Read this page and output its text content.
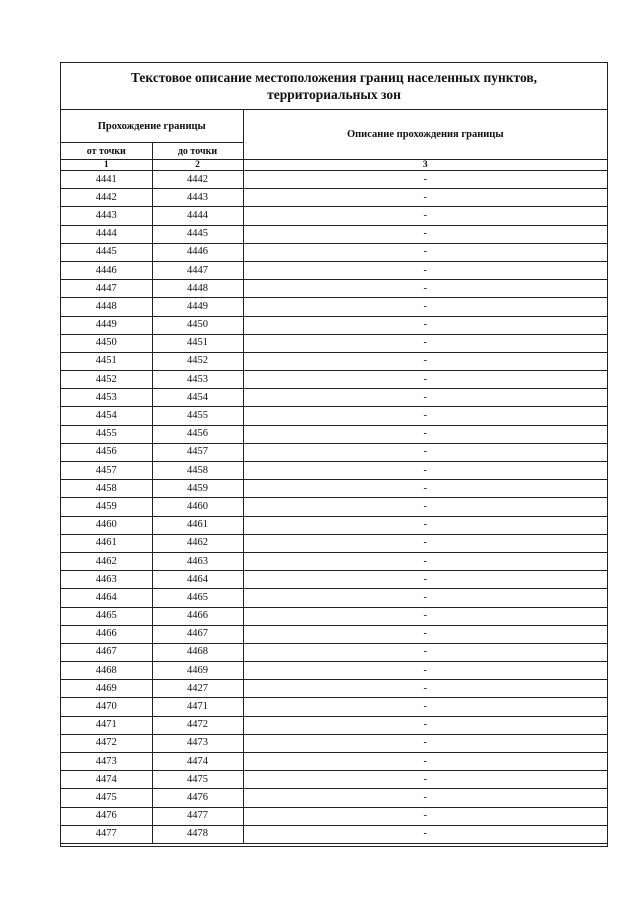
Текстовое описание местоположения границ населенных пунктов,
территориальных зон
Прохождение границы		Описание прохождения границы
от точки	до точки	
1	2	3
4441	4442	-
4442	4443	-
4443	4444	-
4444	4445	-
4445	4446	-
4446	4447	-
4447	4448	-
4448	4449	-
4449	4450	-
4450	4451	-
4451	4452	-
4452	4453	-
4453	4454	-
4454	4455	-
4455	4456	-
4456	4457	-
4457	4458	-
4458	4459	-
4459	4460	-
4460	4461	-
4461	4462	-
4462	4463	-
4463	4464	-
4464	4465	-
4465	4466	-
4466	4467	-
4467	4468	-
4468	4469	-
4469	4427	-
4470	4471	-
4471	4472	-
4472	4473	-
4473	4474	-
4474	4475	-
4475	4476	-
4476	4477	-
4477	4478	-
